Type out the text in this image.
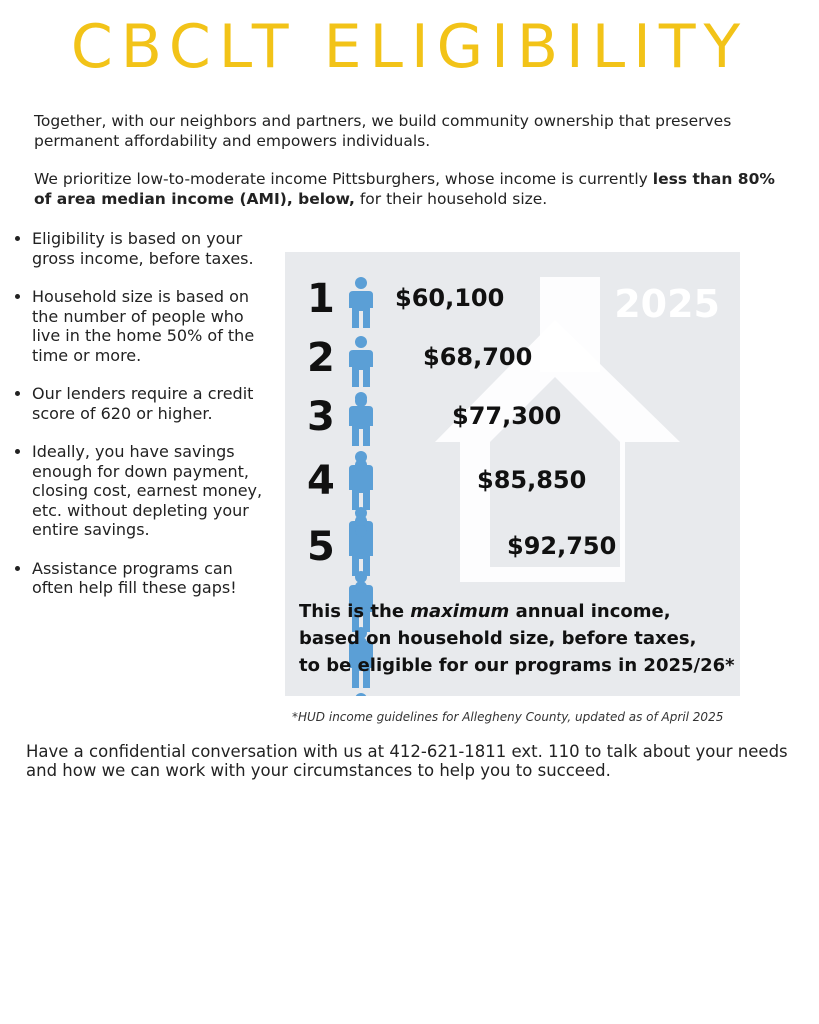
CBCLT ELIGIBILITY
Together, with our neighbors and partners, we build community ownership that preserves permanent affordability and empowers individuals.
We prioritize low-to-moderate income Pittsburghers, whose income is currently less than 80% of area median income (AMI), below, for their household size.
• Eligibility is based on your gross income, before taxes.
• Household size is based on the number of people who live in the home 50% of the time or more.
• Our lenders require a credit score of 620 or higher.
• Ideally, you have savings enough for down payment, closing cost, earnest money, etc. without depleting your entire savings.
• Assistance programs can often help fill these gaps!
2025
1	$60,100
2	$68,700
3	$77,300
4	$85,850
5	$92,750
This is the maximum annual income,
based on household size, before taxes,
to be eligible for our programs in 2025/26*
*HUD income guidelines for Allegheny County, updated as of April 2025
Have a confidential conversation with us at 412-621-1811 ext. 110 to talk about your needs and how we can work with your circumstances to help you to succeed.
